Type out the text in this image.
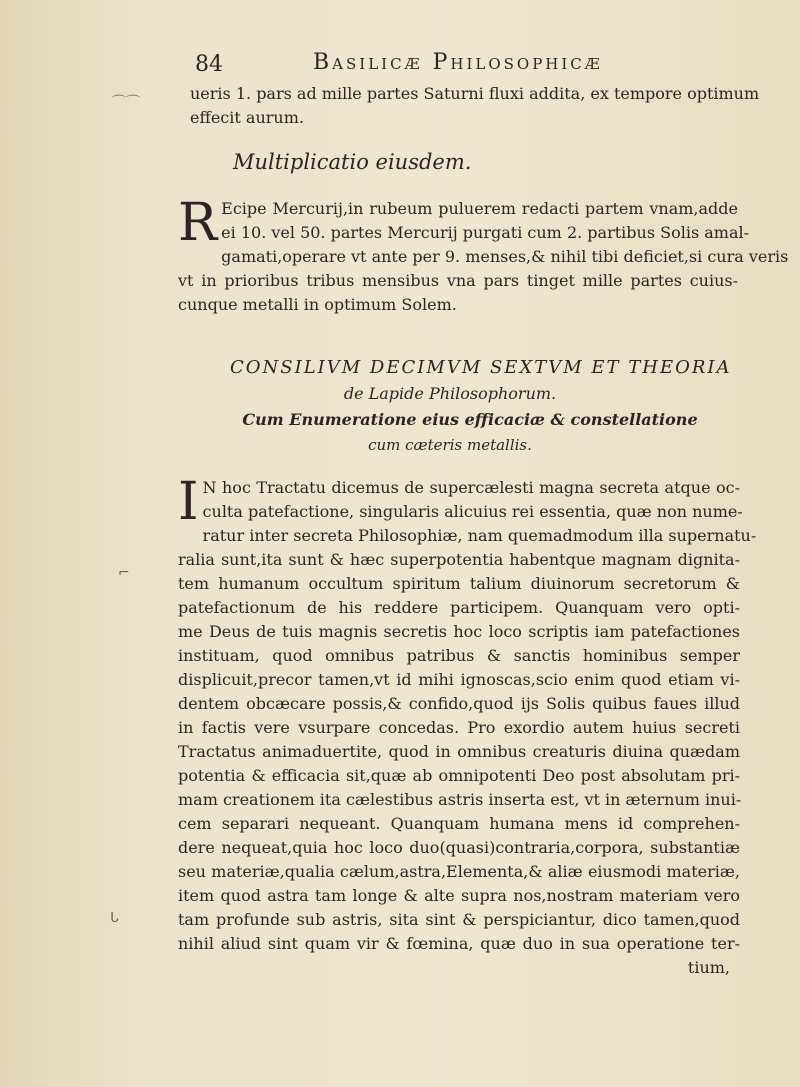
84	Basilicæ Philosophicæ
⌒⌒
⌐
ᒐ
ueris 1. pars ad mille partes Saturni fluxi addita, ex tempore optimum
effecit aurum.
Multiplicatio eiusdem.
R Ecipe Mercurij,in rubeum puluerem redacti partem vnam,adde
ei 10. vel 50. partes Mercurij purgati cum 2. partibus Solis amal-
gamati,operare vt ante per 9. menses,& nihil tibi deficiet,si cura veris
vt in prioribus tribus mensibus vna pars tinget mille partes cuius-
cunque metalli in optimum Solem.
CONSILIVM DECIMVM SEXTVM ET THEORIA
de Lapide Philosophorum.
Cum Enumeratione eius efficaciæ & constellatione
cum cæteris metallis.
I N hoc Tractatu dicemus de supercælesti magna secreta atque oc-
culta patefactione, singularis alicuius rei essentia, quæ non nume-
ratur inter secreta Philosophiæ, nam quemadmodum illa supernatu-
ralia sunt,ita sunt & hæc superpotentia habentque magnam dignita-
tem humanum occultum spiritum talium diuinorum secretorum &
patefactionum de his reddere participem. Quanquam vero opti-
me Deus de tuis magnis secretis hoc loco scriptis iam patefactiones
instituam, quod omnibus patribus & sanctis hominibus semper
displicuit,precor tamen,vt id mihi ignoscas,scio enim quod etiam vi-
dentem obcæcare possis,& confido,quod ijs Solis quibus faues illud
in factis vere vsurpare concedas. Pro exordio autem huius secreti
Tractatus animaduertite, quod in omnibus creaturis diuina quædam
potentia & efficacia sit,quæ ab omnipotenti Deo post absolutam pri-
mam creationem ita cælestibus astris inserta est, vt in æternum inui-
cem separari nequeant. Quanquam humana mens id comprehen-
dere nequeat,quia hoc loco duo(quasi)contraria,corpora, substantiæ
seu materiæ,qualia cælum,astra,Elementa,& aliæ eiusmodi materiæ,
item quod astra tam longe & alte supra nos,nostram materiam vero
tam profunde sub astris, sita sint & perspiciantur, dico tamen,quod
nihil aliud sint quam vir & fœmina, quæ duo in sua operatione ter-
tium,
